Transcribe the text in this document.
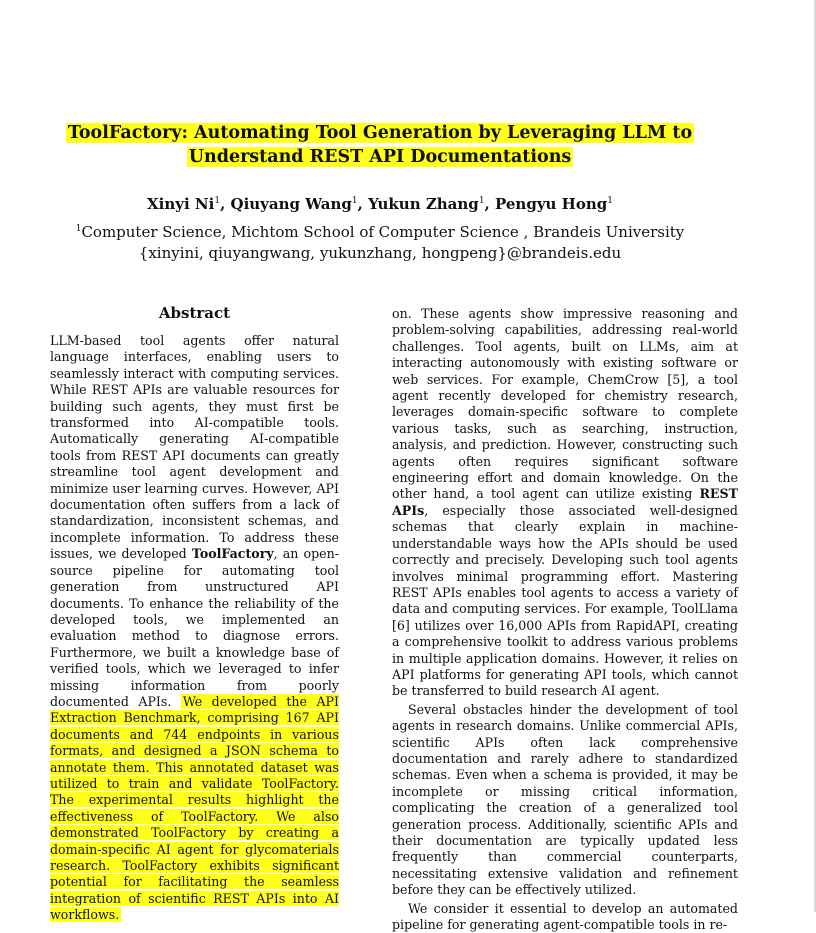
ToolFactory: Automating Tool Generation by Leveraging LLM to
Understand REST API Documentations
Xinyi Ni$^1$, Qiuyang Wang$^1$, Yukun Zhang$^1$, Pengyu Hong$^1$
$^1$Computer Science, Michtom School of Computer Science , Brandeis University
{xinyini, qiuyangwang, yukunzhang, hongpeng}@brandeis.edu
Abstract

LLM-based tool agents offer natural language interfaces, enabling users to seamlessly interact with computing services. While REST APIs are valuable resources for building such agents, they must first be transformed into AI-compatible tools. Automatically generating AI-compatible tools from REST API documents can greatly streamline tool agent development and minimize user learning curves. However, API documentation often suffers from a lack of standardization, inconsistent schemas, and incomplete information. To address these issues, we developed ToolFactory, an open-source pipeline for automating tool generation from unstructured API documents. To enhance the reliability of the developed tools, we implemented an evaluation method to diagnose errors. Furthermore, we built a knowledge base of verified tools, which we leveraged to infer missing information from poorly documented APIs. We developed the API Extraction Benchmark, comprising 167 API documents and 744 endpoints in various formats, and designed a JSON schema to annotate them. This annotated dataset was utilized to train and validate ToolFactory. The experimental results highlight the effectiveness of ToolFactory. We also demonstrated ToolFactory by creating a domain-specific AI agent for glycomaterials research. ToolFactory exhibits significant potential for facilitating the seamless integration of scientific REST APIs into AI workflows.

on. These agents show impressive reasoning and problem-solving capabilities, addressing real-world challenges. Tool agents, built on LLMs, aim at interacting autonomously with existing software or web services. For example, ChemCrow [5], a tool agent recently developed for chemistry research, leverages domain-specific software to complete various tasks, such as searching, instruction, analysis, and prediction. However, constructing such agents often requires significant software engineering effort and domain knowledge. On the other hand, a tool agent can utilize existing REST APIs, especially those associated well-designed schemas that clearly explain in machine-understandable ways how the APIs should be used correctly and precisely. Developing such tool agents involves minimal programming effort. Mastering REST APIs enables tool agents to access a variety of data and computing services. For example, ToolLlama [6] utilizes over 16,000 APIs from RapidAPI, creating a comprehensive toolkit to address various problems in multiple application domains. However, it relies on API platforms for generating API tools, which cannot be transferred to build research AI agent.

Several obstacles hinder the development of tool agents in research domains. Unlike commercial APIs, scientific APIs often lack comprehensive documentation and rarely adhere to standardized schemas. Even when a schema is provided, it may be incomplete or missing critical information, complicating the creation of a generalized tool generation process. Additionally, scientific APIs and their documentation are typically updated less frequently than commercial counterparts, necessitating extensive validation and refinement before they can be effectively utilized.

We consider it essential to develop an automated pipeline for generating agent-compatible tools in re-
